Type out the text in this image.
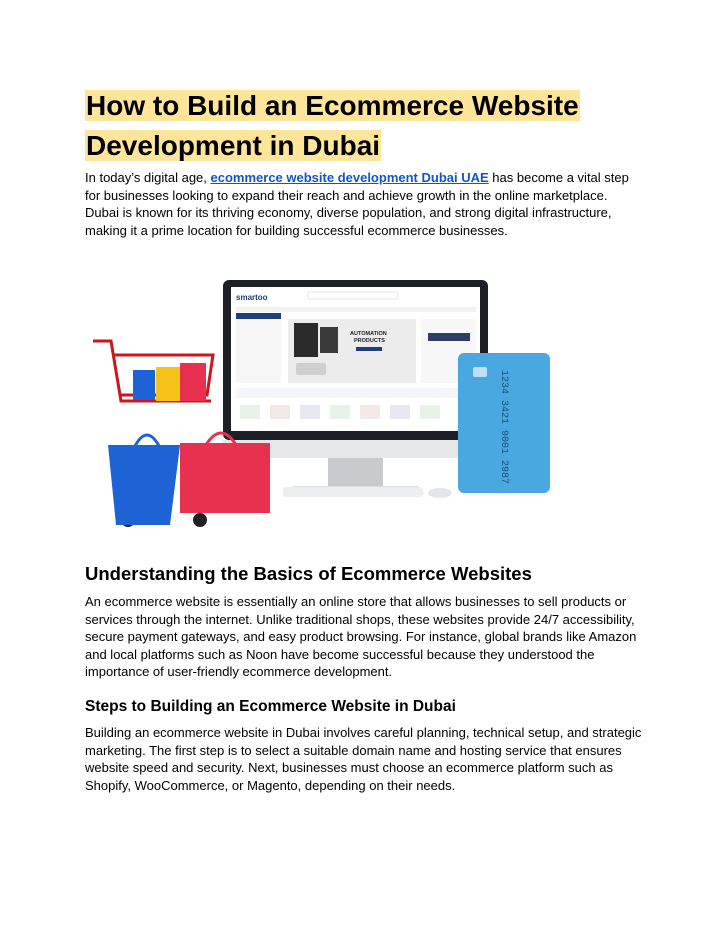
How to Build an Ecommerce Website Development in Dubai

In today’s digital age, ecommerce website development Dubai UAE has become a vital step for businesses looking to expand their reach and achieve growth in the online marketplace. Dubai is known for its thriving economy, diverse population, and strong digital infrastructure, making it a prime location for building successful ecommerce businesses.

smartoo
AUTOMATION
PRODUCTS
1234 3421 9001 2987
Understanding the Basics of Ecommerce Websites

An ecommerce website is essentially an online store that allows businesses to sell products or services through the internet. Unlike traditional shops, these websites provide 24/7 accessibility, secure payment gateways, and easy product browsing. For instance, global brands like Amazon and local platforms such as Noon have become successful because they understood the importance of user-friendly ecommerce development.

Steps to Building an Ecommerce Website in Dubai

Building an ecommerce website in Dubai involves careful planning, technical setup, and strategic marketing. The first step is to select a suitable domain name and hosting service that ensures website speed and security. Next, businesses must choose an ecommerce platform such as Shopify, WooCommerce, or Magento, depending on their needs.
